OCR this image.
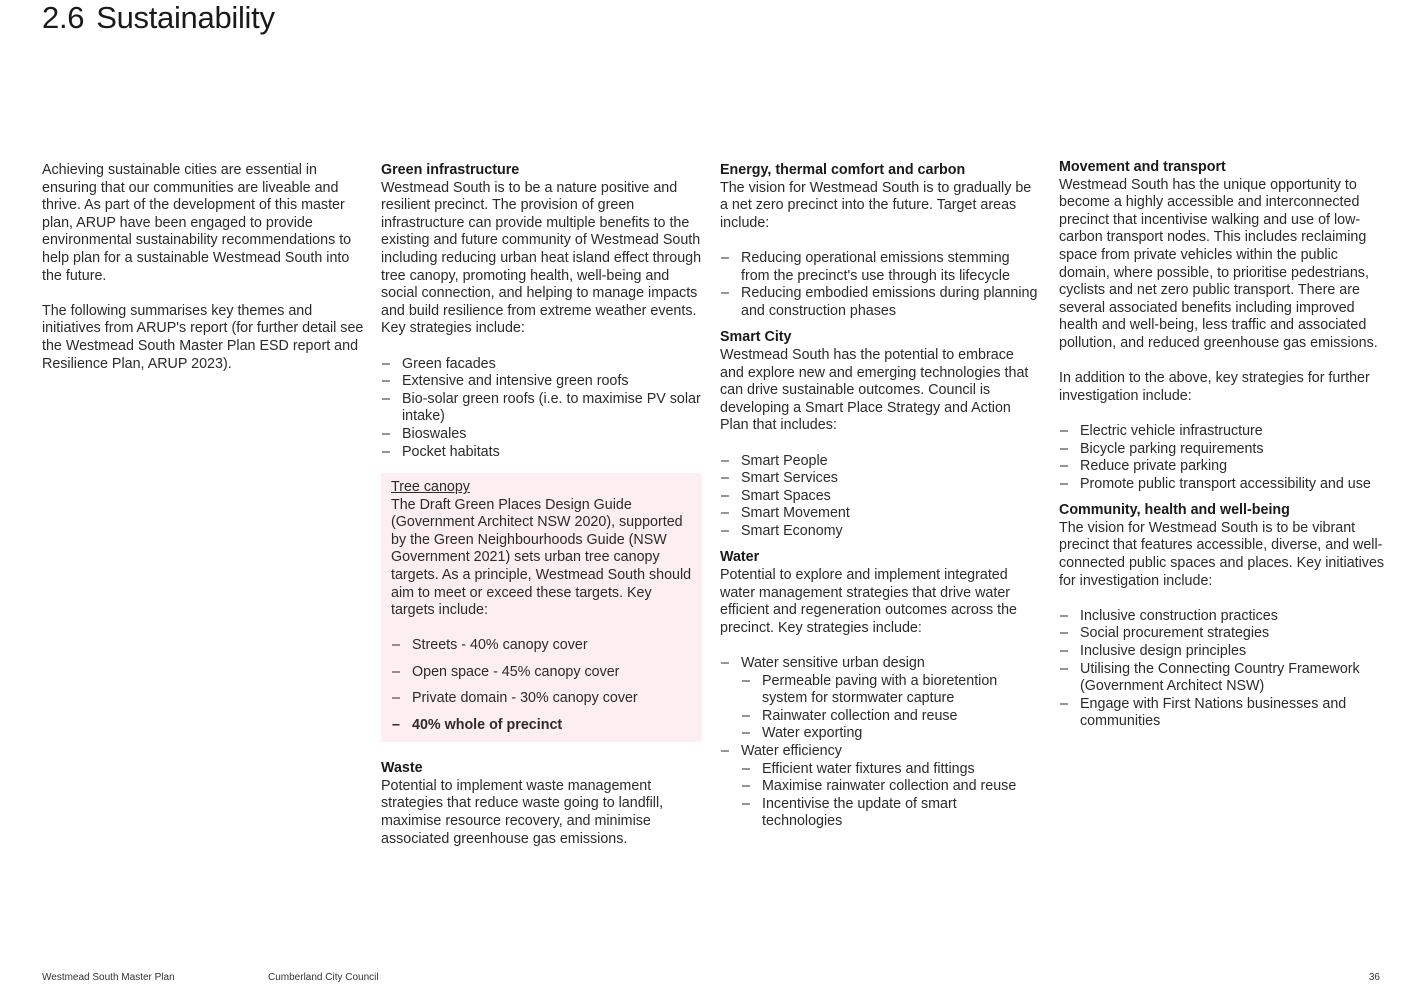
2.6 Sustainability

Achieving sustainable cities are essential in ensuring that our communities are liveable and thrive. As part of the development of this master plan, ARUP have been engaged to provide environmental sustainability recommendations to help plan for a sustainable Westmead South into the future.

The following summarises key themes and initiatives from ARUP's report (for further detail see the Westmead South Master Plan ESD report and Resilience Plan, ARUP 2023).

Green infrastructure

Westmead South is to be a nature positive and resilient precinct. The provision of green infrastructure can provide multiple benefits to the existing and future community of Westmead South including reducing urban heat island effect through tree canopy, promoting health, well-being and social connection, and helping to manage impacts and build resilience from extreme weather events. Key strategies include:

– Green facades
– Extensive and intensive green roofs
– Bio-solar green roofs (i.e. to maximise PV solar intake)
– Bioswales
– Pocket habitats
Tree canopy

The Draft Green Places Design Guide (Government Architect NSW 2020), supported by the Green Neighbourhoods Guide (NSW Government 2021) sets urban tree canopy targets. As a principle, Westmead South should aim to meet or exceed these targets. Key targets include:

– Streets - 40% canopy cover
– Open space - 45% canopy cover
– Private domain - 30% canopy cover
– 40% whole of precinct
Waste

Potential to implement waste management strategies that reduce waste going to landfill, maximise resource recovery, and minimise associated greenhouse gas emissions.

Energy, thermal comfort and carbon

The vision for Westmead South is to gradually be a net zero precinct into the future. Target areas include:

– Reducing operational emissions stemming from the precinct's use through its lifecycle
– Reducing embodied emissions during planning and construction phases
Smart City

Westmead South has the potential to embrace and explore new and emerging technologies that can drive sustainable outcomes. Council is developing a Smart Place Strategy and Action Plan that includes:

– Smart People
– Smart Services
– Smart Spaces
– Smart Movement
– Smart Economy
Water

Potential to explore and implement integrated water management strategies that drive water efficient and regeneration outcomes across the precinct. Key strategies include:

– Water sensitive urban design
– Permeable paving with a bioretention system for stormwater capture
– Rainwater collection and reuse
– Water exporting
– Water efficiency
– Efficient water fixtures and fittings
– Maximise rainwater collection and reuse
– Incentivise the update of smart technologies
Movement and transport

Westmead South has the unique opportunity to become a highly accessible and interconnected precinct that incentivise walking and use of low-carbon transport nodes. This includes reclaiming space from private vehicles within the public domain, where possible, to prioritise pedestrians, cyclists and net zero public transport. There are several associated benefits including improved health and well-being, less traffic and associated pollution, and reduced greenhouse gas emissions.

In addition to the above, key strategies for further investigation include:

– Electric vehicle infrastructure
– Bicycle parking requirements
– Reduce private parking
– Promote public transport accessibility and use
Community, health and well-being

The vision for Westmead South is to be vibrant precinct that features accessible, diverse, and well-connected public spaces and places. Key initiatives for investigation include:

– Inclusive construction practices
– Social procurement strategies
– Inclusive design principles
– Utilising the Connecting Country Framework (Government Architect NSW)
– Engage with First Nations businesses and communities
Westmead South Master Plan	Cumberland City Council	36
